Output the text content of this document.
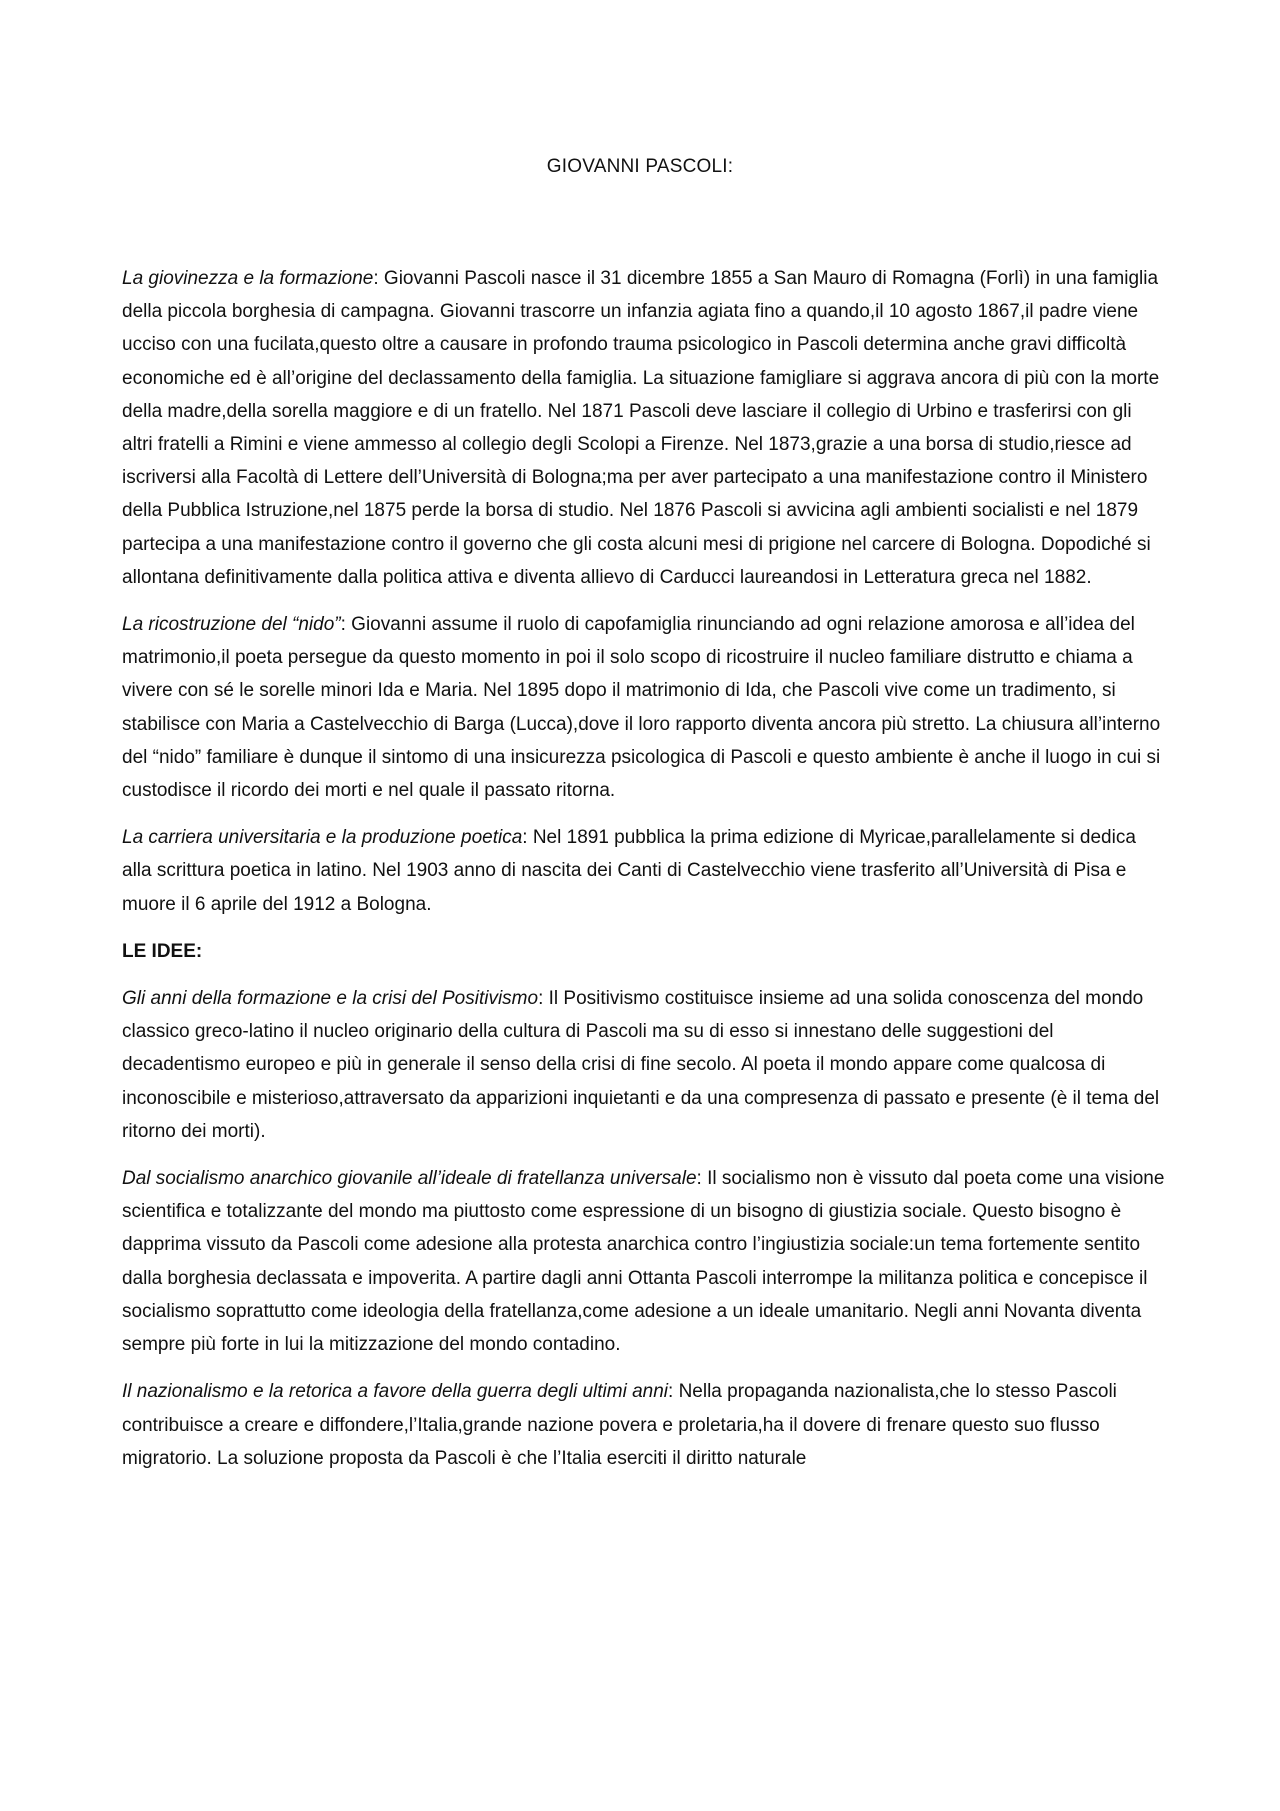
GIOVANNI PASCOLI:

La giovinezza e la formazione: Giovanni Pascoli nasce il 31 dicembre 1855 a San Mauro di Romagna (Forlì) in una famiglia della piccola borghesia di campagna. Giovanni trascorre un infanzia agiata fino a quando,il 10 agosto 1867,il padre viene ucciso con una fucilata,questo oltre a causare in profondo trauma psicologico in Pascoli determina anche gravi difficoltà economiche ed è all’origine del declassamento della famiglia. La situazione famigliare si aggrava ancora di più con la morte della madre,della sorella maggiore e di un fratello. Nel 1871 Pascoli deve lasciare il collegio di Urbino e trasferirsi con gli altri fratelli a Rimini e viene ammesso al collegio degli Scolopi a Firenze. Nel 1873,grazie a una borsa di studio,riesce ad iscriversi alla Facoltà di Lettere dell’Università di Bologna;ma per aver partecipato a una manifestazione contro il Ministero della Pubblica Istruzione,nel 1875 perde la borsa di studio. Nel 1876 Pascoli si avvicina agli ambienti socialisti e nel 1879 partecipa a una manifestazione contro il governo che gli costa alcuni mesi di prigione nel carcere di Bologna. Dopodiché si allontana definitivamente dalla politica attiva e diventa allievo di Carducci laureandosi in Letteratura greca nel 1882.

La ricostruzione del “nido”: Giovanni assume il ruolo di capofamiglia rinunciando ad ogni relazione amorosa e all’idea del matrimonio,il poeta persegue da questo momento in poi il solo scopo di ricostruire il nucleo familiare distrutto e chiama a vivere con sé le sorelle minori Ida e Maria. Nel 1895 dopo il matrimonio di Ida, che Pascoli vive come un tradimento, si stabilisce con Maria a Castelvecchio di Barga (Lucca),dove il loro rapporto diventa ancora più stretto. La chiusura all’interno del “nido” familiare è dunque il sintomo di una insicurezza psicologica di Pascoli e questo ambiente è anche il luogo in cui si custodisce il ricordo dei morti e nel quale il passato ritorna.

La carriera universitaria e la produzione poetica: Nel 1891 pubblica la prima edizione di Myricae,parallelamente si dedica alla scrittura poetica in latino. Nel 1903 anno di nascita dei Canti di Castelvecchio viene trasferito all’Università di Pisa e muore il 6 aprile del 1912 a Bologna.

LE IDEE:

Gli anni della formazione e la crisi del Positivismo: Il Positivismo costituisce insieme ad una solida conoscenza del mondo classico greco-latino il nucleo originario della cultura di Pascoli ma su di esso si innestano delle suggestioni del decadentismo europeo e più in generale il senso della crisi di fine secolo. Al poeta il mondo appare come qualcosa di inconoscibile e misterioso,attraversato da apparizioni inquietanti e da una compresenza di passato e presente (è il tema del ritorno dei morti).

Dal socialismo anarchico giovanile all’ideale di fratellanza universale: Il socialismo non è vissuto dal poeta come una visione scientifica e totalizzante del mondo ma piuttosto come espressione di un bisogno di giustizia sociale. Questo bisogno è dapprima vissuto da Pascoli come adesione alla protesta anarchica contro l’ingiustizia sociale:un tema fortemente sentito dalla borghesia declassata e impoverita. A partire dagli anni Ottanta Pascoli interrompe la militanza politica e concepisce il socialismo soprattutto come ideologia della fratellanza,come adesione a un ideale umanitario. Negli anni Novanta diventa sempre più forte in lui la mitizzazione del mondo contadino.

Il nazionalismo e la retorica a favore della guerra degli ultimi anni: Nella propaganda nazionalista,che lo stesso Pascoli contribuisce a creare e diffondere,l’Italia,grande nazione povera e proletaria,ha il dovere di frenare questo suo flusso migratorio. La soluzione proposta da Pascoli è che l’Italia eserciti il diritto naturale
